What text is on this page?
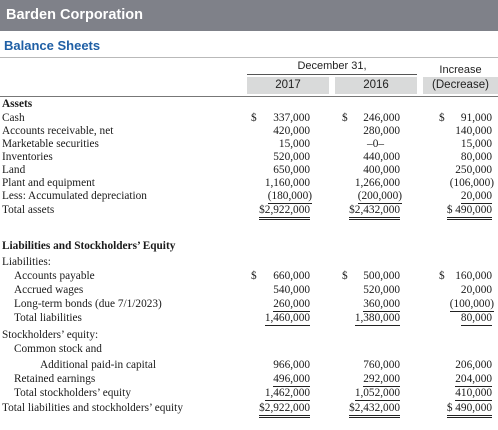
Barden Corporation
Balance Sheets
December 31,
2017	2016
Increase
(Decrease)
Assets
Cash	$ 337,000	$ 246,000	$ 91,000
Accounts receivable, net	420,000	280,000	140,000
Marketable securities	15,000	–0–	15,000
Inventories	520,000	440,000	80,000
Land	650,000	400,000	250,000
Plant and equipment	1,160,000	1,266,000	(106,000)
Less: Accumulated depreciation	(180,000)	(200,000)	20,000
Total assets	$2,922,000	$2,432,000	$ 490,000
Liabilities and Stockholders’ Equity
Liabilities:
Accounts payable	$ 660,000	$ 500,000	$ 160,000
Accrued wages	540,000	520,000	20,000
Long-term bonds (due 7/1/2023)	260,000	360,000	(100,000)
Total liabilities	1,460,000	1,380,000	80,000
Stockholders’ equity:
Common stock and
Additional paid-in capital	966,000	760,000	206,000
Retained earnings	496,000	292,000	204,000
Total stockholders’ equity	1,462,000	1,052,000	410,000
Total liabilities and stockholders’ equity	$2,922,000	$2,432,000	$ 490,000
